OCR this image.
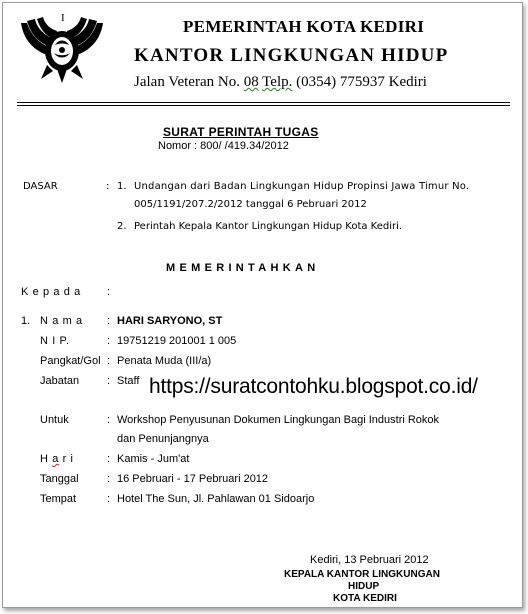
I	PEMERINTAH KOTA KEDIRI
KANTOR LINGKUNGAN HIDUP
Jalan Veteran No. 08 Telp. (0354) 775937 Kediri
SURAT PERINTAH TUGAS
Nomor : 800/ /419.34/2012
DASAR	: 1. Undangan dari Badan Lingkungan Hidup Propinsi Jawa Timur No.
005/1191/207.2/2012 tanggal 6 Pebruari 2012
2. Perintah Kepala Kantor Lingkungan Hidup Kota Kediri.
MEMERINTAHKAN
K e p a d a :
1. N a m a : HARI SARYONO, ST
N I P.	: 19751219 201001 1 005
Pangkat/Gol : Penata Muda (III/a)
Jabatan	: Staff
Untuk	: Workshop Penyusunan Dokumen Lingkungan Bagi Industri Rokok
dan Penunjangnya
H a r i	: Kamis - Jum'at
Tanggal	: 16 Pebruari - 17 Pebruari 2012
Tempat	: Hotel The Sun, Jl. Pahlawan 01 Sidoarjo
https://suratcontohku.blogspot.co.id/
Kediri, 13 Pebruari 2012
KEPALA KANTOR LINGKUNGAN
HIDUP
KOTA KEDIRI
